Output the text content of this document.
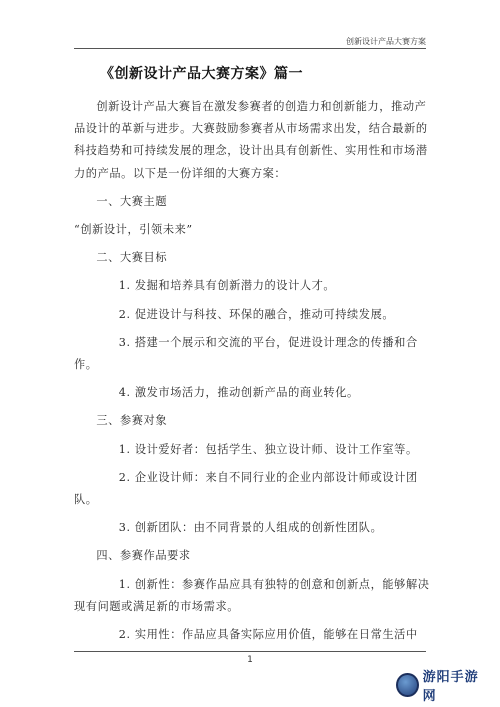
创新设计产品大赛方案
《创新设计产品大赛方案》篇一

创新设计产品大赛旨在激发参赛者的创造力和创新能力，推动产品设计的革新与进步。大赛鼓励参赛者从市场需求出发，结合最新的科技趋势和可持续发展的理念，设计出具有创新性、实用性和市场潜力的产品。以下是一份详细的大赛方案：

一、大赛主题

“创新设计，引领未来”

二、大赛目标

1. 发掘和培养具有创新潜力的设计人才。

2. 促进设计与科技、环保的融合，推动可持续发展。

3. 搭建一个展示和交流的平台，促进设计理念的传播和合作。

4. 激发市场活力，推动创新产品的商业转化。

三、参赛对象

1. 设计爱好者：包括学生、独立设计师、设计工作室等。

2. 企业设计师：来自不同行业的企业内部设计师或设计团队。

3. 创新团队：由不同背景的人组成的创新性团队。

四、参赛作品要求

1. 创新性：参赛作品应具有独特的创意和创新点，能够解决现有问题或满足新的市场需求。

2. 实用性：作品应具备实际应用价值，能够在日常生活中

1
游阳手游网
